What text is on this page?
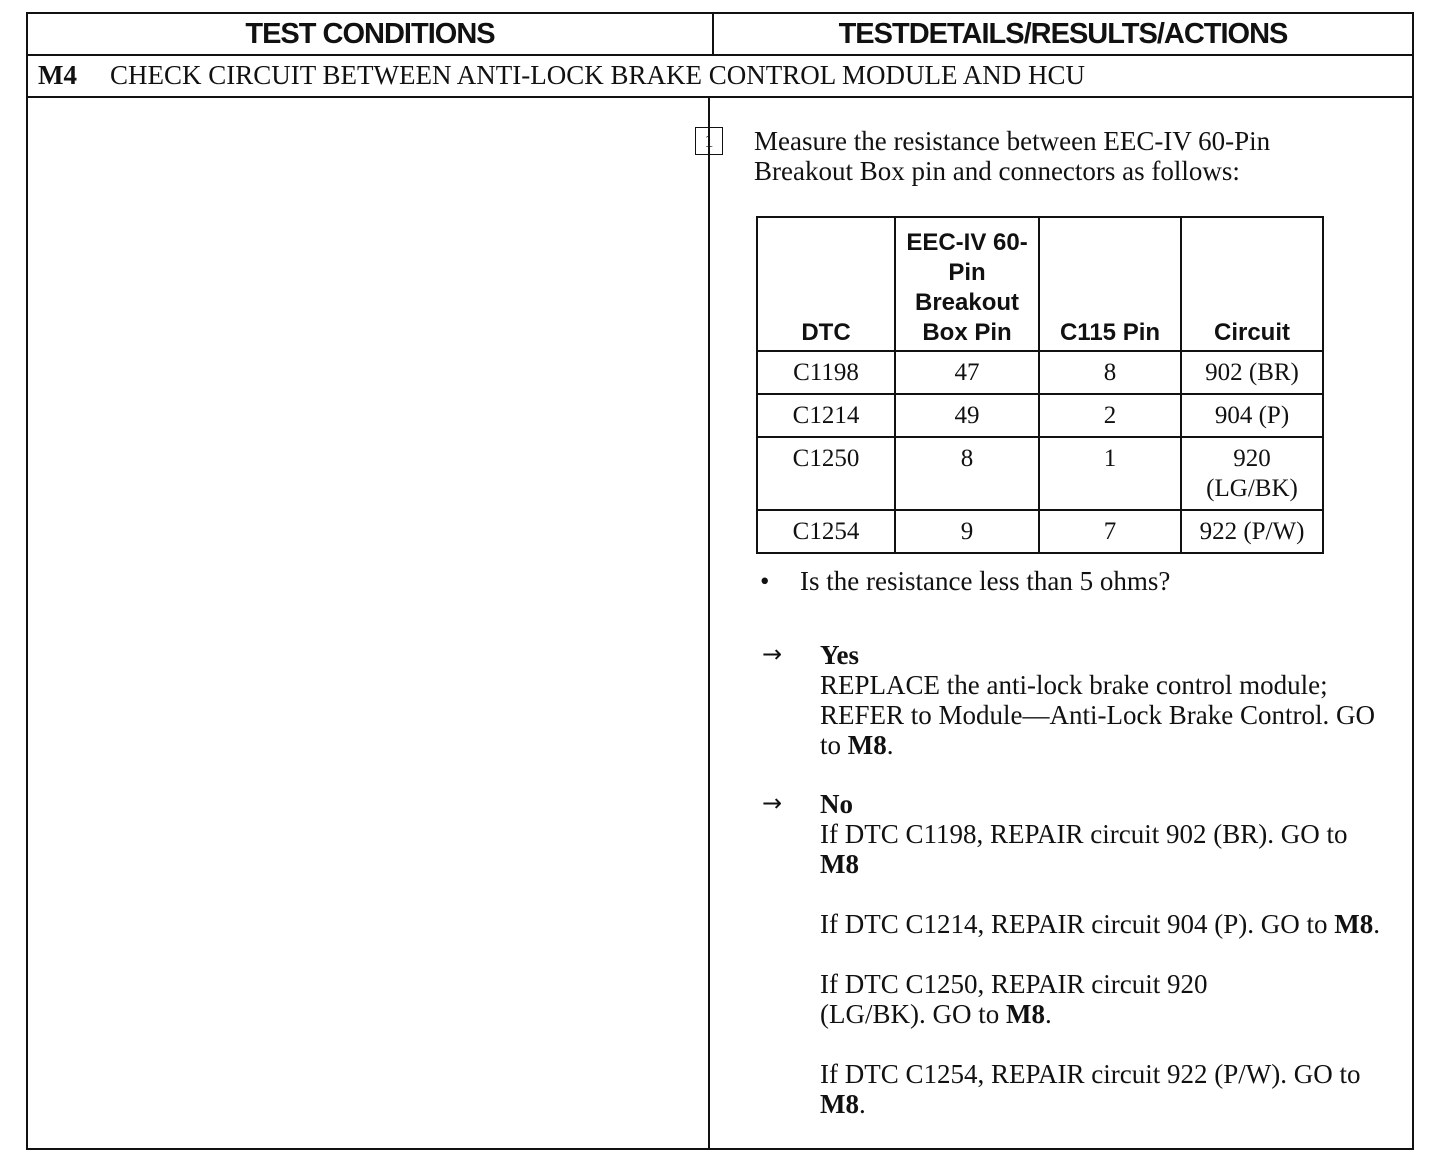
TEST CONDITIONS	TESTDETAILS/RESULTS/ACTIONS
M4	CHECK CIRCUIT BETWEEN ANTI-LOCK BRAKE CONTROL MODULE AND HCU
1	Measure the resistance between EEC-IV 60-Pin Breakout Box pin and connectors as follows:
DTC	EEC-IV 60-Pin Breakout Box Pin	C115 Pin	Circuit
C1198	47	8	902 (BR)
C1214	49	2	904 (P)
C1250	8	1	920 (LG/BK)
C1254	9	7	922 (P/W)
• Is the resistance less than 5 ohms?
→ Yes
REPLACE the anti-lock brake control module; REFER to Module—Anti-Lock Brake Control. GO to M8.
→ No
If DTC C1198, REPAIR circuit 902 (BR). GO to M8
If DTC C1214, REPAIR circuit 904 (P). GO to M8.
If DTC C1250, REPAIR circuit 920 (LG/BK). GO to M8.
If DTC C1254, REPAIR circuit 922 (P/W). GO to M8.
